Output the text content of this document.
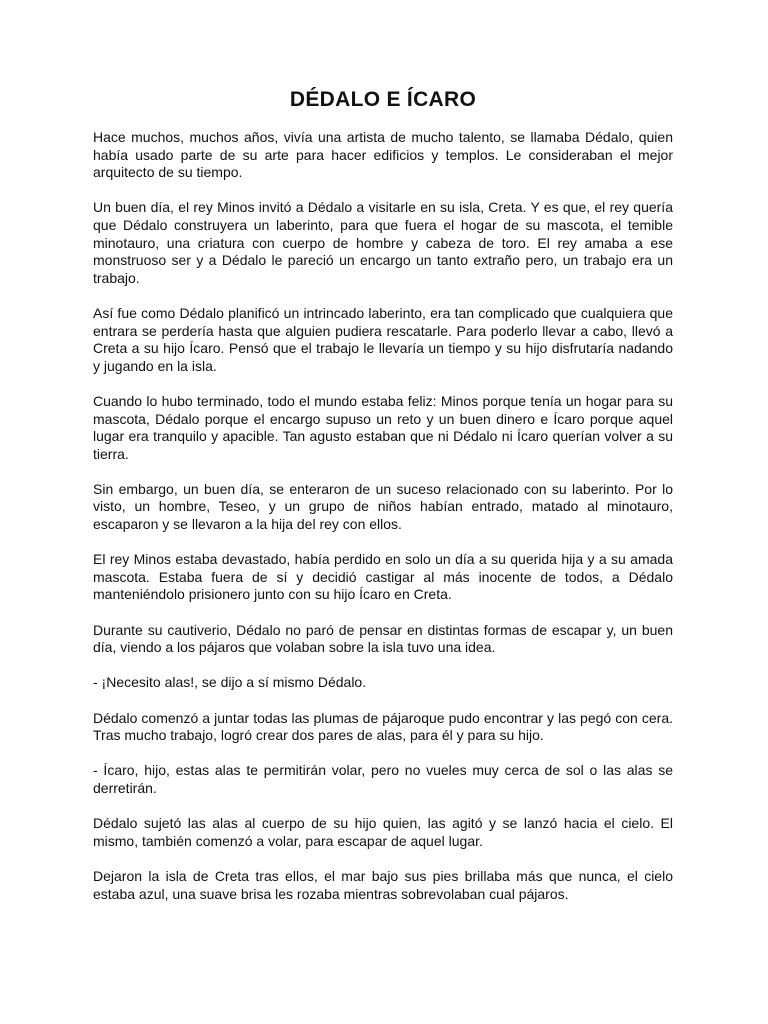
DÉDALO E ÍCARO

Hace muchos, muchos años, vivía una artista de mucho talento, se llamaba Dédalo, quien había usado parte de su arte para hacer edificios y templos. Le consideraban el mejor arquitecto de su tiempo.

Un buen día, el rey Minos invitó a Dédalo a visitarle en su isla, Creta. Y es que, el rey quería que Dédalo construyera un laberinto, para que fuera el hogar de su mascota, el temible minotauro, una criatura con cuerpo de hombre y cabeza de toro. El rey amaba a ese monstruoso ser y a Dédalo le pareció un encargo un tanto extraño pero, un trabajo era un trabajo.

Así fue como Dédalo planificó un intrincado laberinto, era tan complicado que cualquiera que entrara se perdería hasta que alguien pudiera rescatarle. Para poderlo llevar a cabo, llevó a Creta a su hijo Ícaro. Pensó que el trabajo le llevaría un tiempo y su hijo disfrutaría nadando y jugando en la isla.

Cuando lo hubo terminado, todo el mundo estaba feliz: Minos porque tenía un hogar para su mascota, Dédalo porque el encargo supuso un reto y un buen dinero e Ícaro porque aquel lugar era tranquilo y apacible. Tan agusto estaban que ni Dédalo ni Ícaro querían volver a su tierra.

Sin embargo, un buen día, se enteraron de un suceso relacionado con su laberinto. Por lo visto, un hombre, Teseo, y un grupo de niños habían entrado, matado al minotauro, escaparon y se llevaron a la hija del rey con ellos.

El rey Minos estaba devastado, había perdido en solo un día a su querida hija y a su amada mascota. Estaba fuera de sí y decidió castigar al más inocente de todos, a Dédalo manteniéndolo prisionero junto con su hijo Ícaro en Creta.

Durante su cautiverio, Dédalo no paró de pensar en distintas formas de escapar y, un buen día, viendo a los pájaros que volaban sobre la isla tuvo una idea.

- ¡Necesito alas!, se dijo a sí mismo Dédalo.

Dédalo comenzó a juntar todas las plumas de pájaroque pudo encontrar y las pegó con cera. Tras mucho trabajo, logró crear dos pares de alas, para él y para su hijo.

- Ícaro, hijo, estas alas te permitirán volar, pero no vueles muy cerca de sol o las alas se derretirán.

Dédalo sujetó las alas al cuerpo de su hijo quien, las agitó y se lanzó hacia el cielo. El mismo, también comenzó a volar, para escapar de aquel lugar.

Dejaron la isla de Creta tras ellos, el mar bajo sus pies brillaba más que nunca, el cielo estaba azul, una suave brisa les rozaba mientras sobrevolaban cual pájaros.
